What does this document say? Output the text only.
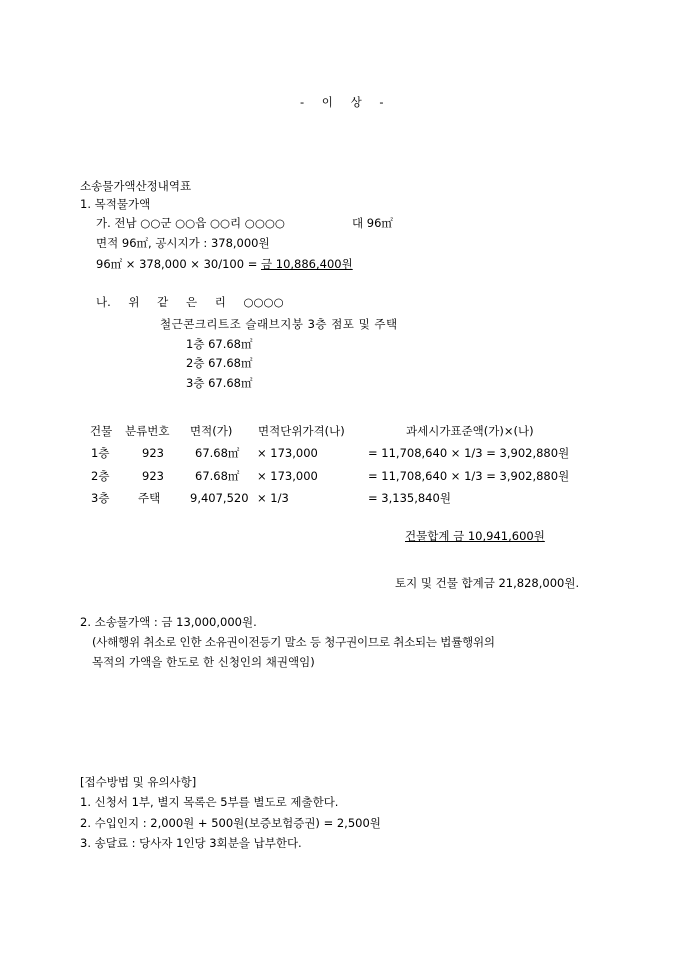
- 이 상 -
소송물가액산정내역표
1. 목적물가액
가. 전남 ○○군 ○○읍 ○○리 ○○○○	대 96㎡
면적 96㎡, 공시지가 : 378,000원
96㎡ × 378,000 × 30/100 = 금 10,886,400원
나. 위 같 은 리 ○○○○
철근콘크리트조 슬래브지붕 3층 점포 및 주택
1층 67.68㎡
2층 67.68㎡
3층 67.68㎡
건물 분류번호 면적(가) 면적단위가격(나)	과세시가표준액(가)×(나)
1층	923	67.68㎡ × 173,000	= 11,708,640 × 1/3 = 3,902,880원
2층	923	67.68㎡ × 173,000	= 11,708,640 × 1/3 = 3,902,880원
3층 주택	9,407,520 × 1/3	= 3,135,840원
건물합계 금 10,941,600원
토지 및 건물 합계금 21,828,000원.
2. 소송물가액 : 금 13,000,000원.
(사해행위 취소로 인한 소유권이전등기 말소 등 청구권이므로 취소되는 법률행위의
목적의 가액을 한도로 한 신청인의 채권액임)
[접수방법 및 유의사항]
1. 신청서 1부, 별지 목록은 5부를 별도로 제출한다.
2. 수입인지 : 2,000원 + 500원(보증보험증권) = 2,500원
3. 송달료 : 당사자 1인당 3회분을 납부한다.
